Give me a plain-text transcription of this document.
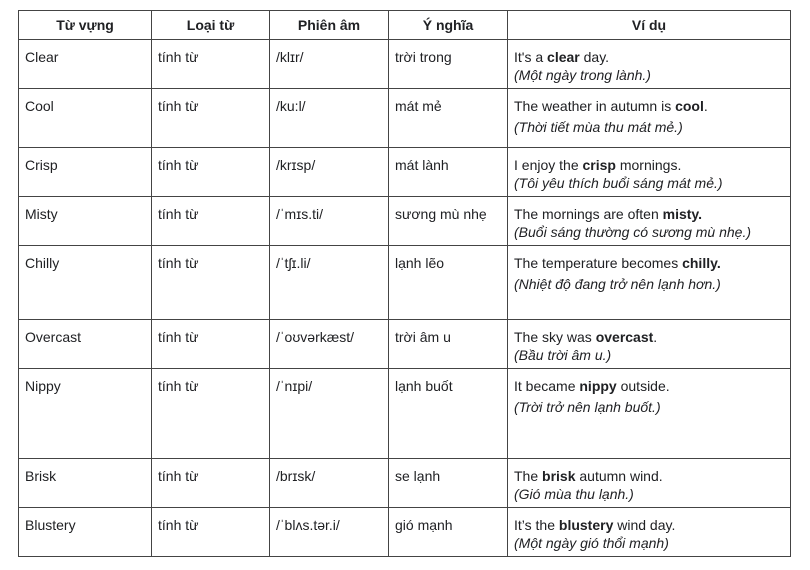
Từ vựng	Loại từ	Phiên âm	Ý nghĩa	Ví dụ
Clear	tính từ	/klɪr/	trời trong	It's a clear day.
(Một ngày trong lành.)

Cool	tính từ	/ku:l/	mát mẻ	The weather in autumn is cool.
(Thời tiết mùa thu mát mẻ.)

Crisp	tính từ	/krɪsp/	mát lành	I enjoy the crisp mornings.
(Tôi yêu thích buổi sáng mát mẻ.)

Misty	tính từ	/ˈmɪs.ti/	sương mù nhẹ	The mornings are often misty.
(Buổi sáng thường có sương mù nhẹ.)

Chilly	tính từ	/ˈtʃɪ.li/	lạnh lẽo	The temperature becomes chilly.
(Nhiệt độ đang trở nên lạnh hơn.)

Overcast	tính từ	/ˈoʊvərkæst/	trời âm u	The sky was overcast.
(Bầu trời âm u.)

Nippy	tính từ	/ˈnɪpi/	lạnh buốt	It became nippy outside.
(Trời trở nên lạnh buốt.)

Brisk	tính từ	/brɪsk/	se lạnh	The brisk autumn wind.
(Gió mùa thu lạnh.)

Blustery	tính từ	/ˈblʌs.tər.i/	gió mạnh	It’s the blustery wind day.
(Một ngày gió thổi mạnh)
